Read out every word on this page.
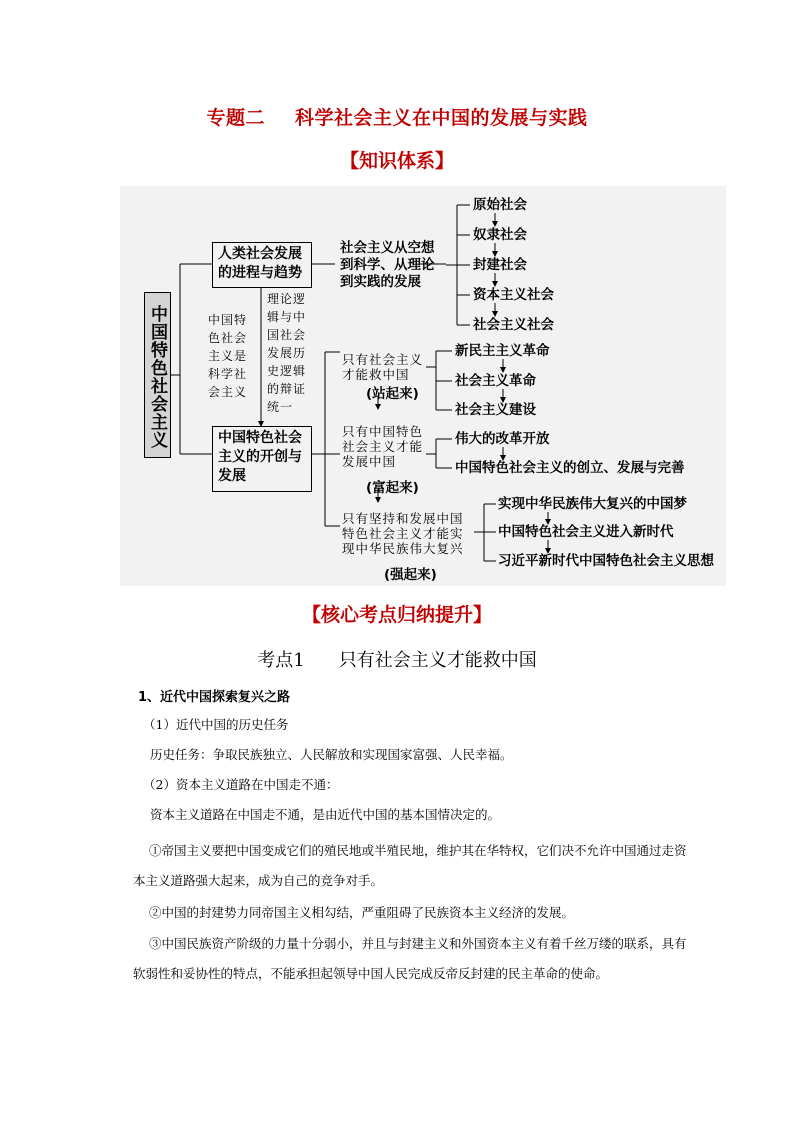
专题二 科学社会主义在中国的发展与实践
【知识体系】
中国特色社会主义
人类社会发展的进程与趋势
中国特色社会主义的开创与发展
中国特色社会主义是科学社会主义
理论逻辑与中国社会发展历史逻辑的辩证统一
社会主义从空想到科学、从理论到实践的发展
原始社会
奴隶社会
封建社会
资本主义社会
社会主义社会
只有社会主义才能救中国
(站起来)
新民主主义革命
社会主义革命
社会主义建设
只有中国特色社会主义才能发展中国
(富起来)
伟大的改革开放
中国特色社会主义的创立、发展与完善
只有坚持和发展中国特色社会主义才能实现中华民族伟大复兴
(强起来)
实现中华民族伟大复兴的中国梦
中国特色社会主义进入新时代
习近平新时代中国特色社会主义思想
【核心考点归纳提升】
考点1 只有社会主义才能救中国
1、近代中国探索复兴之路
（1）近代中国的历史任务
历史任务：争取民族独立、人民解放和实现国家富强、人民幸福。
（2）资本主义道路在中国走不通：
资本主义道路在中国走不通，是由近代中国的基本国情决定的。
①帝国主义要把中国变成它们的殖民地或半殖民地，维护其在华特权，它们决不允许中国通过走资本主义道路强大起来，成为自己的竞争对手。
②中国的封建势力同帝国主义相勾结，严重阻碍了民族资本主义经济的发展。
③中国民族资产阶级的力量十分弱小，并且与封建主义和外国资本主义有着千丝万缕的联系，具有软弱性和妥协性的特点，不能承担起领导中国人民完成反帝反封建的民主革命的使命。
